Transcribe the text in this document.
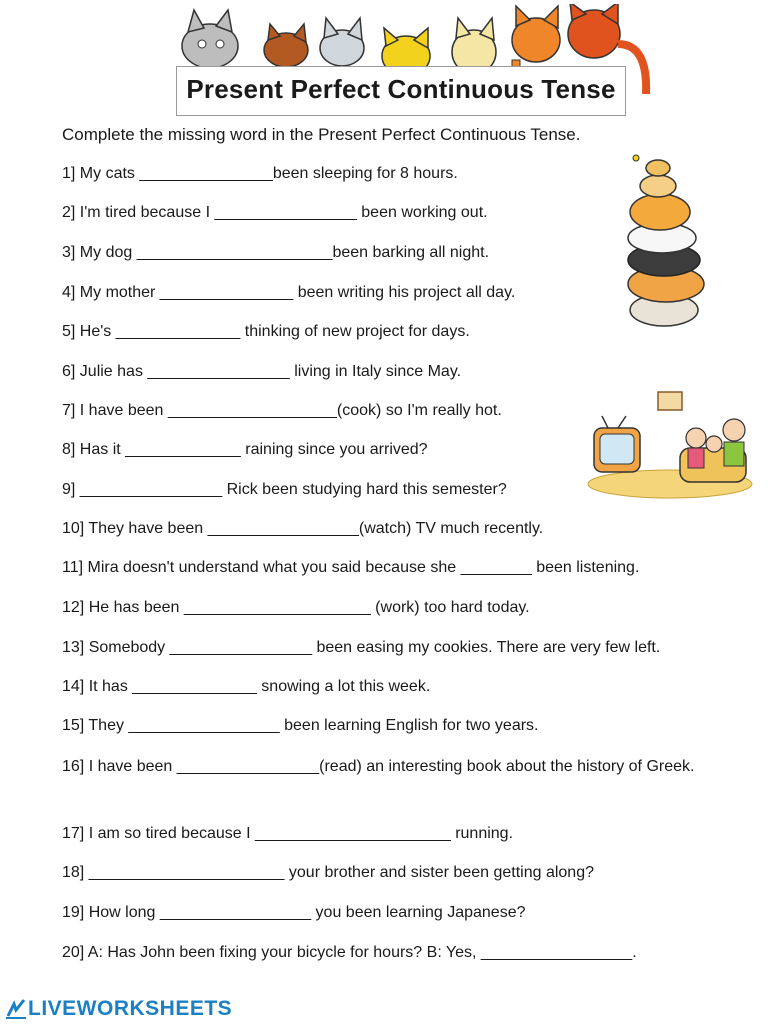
Present Perfect Continuous Tense
Complete the missing word in the Present Perfect Continuous Tense.
1] My cats _______________been sleeping for 8 hours.
2] I'm tired because I ________________ been working out.
3] My dog ______________________been barking all night.
4] My mother _______________ been writing his project all day.
5] He's ______________ thinking of new project for days.
6] Julie has ________________ living in Italy since May.
7] I have been ___________________(cook) so I'm really hot.
8] Has it _____________ raining since you arrived?
9] ________________ Rick been studying hard this semester?
10] They have been _________________(watch) TV much recently.
11] Mira doesn't understand what you said because she ________ been listening.
12] He has been _____________________ (work) too hard today.
13] Somebody ________________ been easing my cookies. There are very few left.
14] It has ______________ snowing a lot this week.
15] They _________________ been learning English for two years.
16] I have been ________________(read) an interesting book about the history of Greek.
17] I am so tired because I ______________________ running.
18] ______________________ your brother and sister been getting along?
19] How long _________________ you been learning Japanese?
20] A: Has John been fixing your bicycle for hours? B: Yes, _________________.
LIVEWORKSHEETS
